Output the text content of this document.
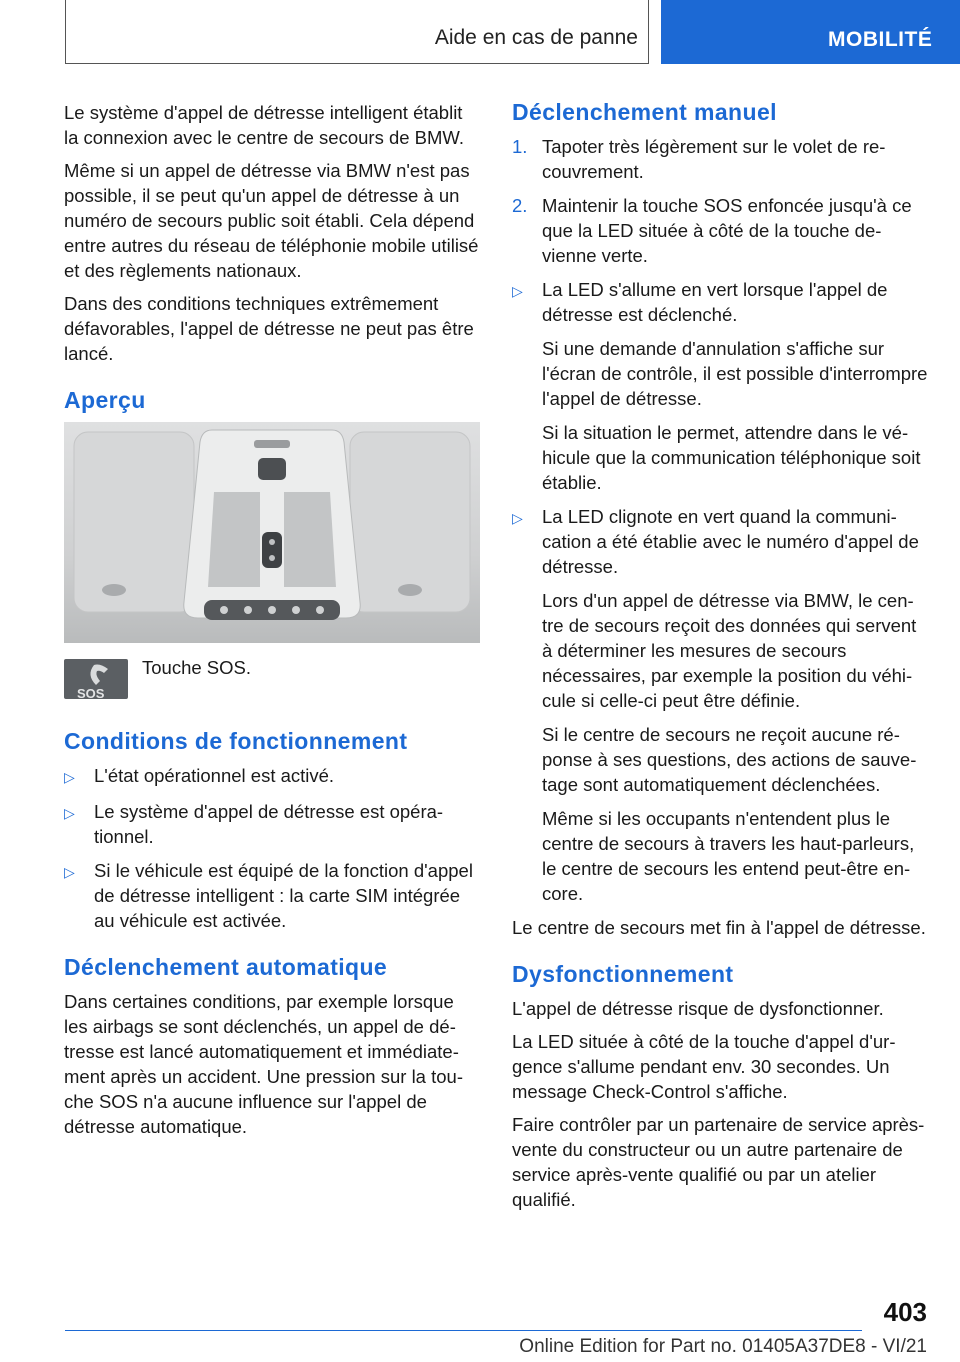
Aide en cas de panne	MOBILITÉ

Le système d'appel de détresse intelligent établit la connexion avec le centre de secours de BMW.

Même si un appel de détresse via BMW n'est pas possible, il se peut qu'un appel de détresse à un numéro de secours public soit établi. Cela dépend entre autres du réseau de téléphonie mobile utilisé et des règlements nationaux.

Dans des conditions techniques extrêmement défavorables, l'appel de détresse ne peut pas être lancé.

Aperçu
SOS
Touche SOS.
Conditions de fonctionnement
▷	L'état opérationnel est activé.
▷	Le système d'appel de détresse est opérationnel.
▷	Si le véhicule est équipé de la fonction d'appel de détresse intelligent : la carte SIM intégrée au véhicule est activée.
Déclenchement automatique

Dans certaines conditions, par exemple lorsque les airbags se sont déclenchés, un appel de détresse est lancé automatiquement et immédiatement après un accident. Une pression sur la touche SOS n'a aucune influence sur l'appel de détresse automatique.

Déclenchement manuel
1. Tapoter très légèrement sur le volet de recouvrement.
2. Maintenir la touche SOS enfoncée jusqu'à ce que la LED située à côté de la touche devienne verte.
▷	La LED s'allume en vert lorsque l'appel de détresse est déclenché.

Si une demande d'annulation s'affiche sur l'écran de contrôle, il est possible d'interrompre l'appel de détresse.

Si la situation le permet, attendre dans le véhicule que la communication téléphonique soit établie.

▷	La LED clignote en vert quand la communication a été établie avec le numéro d'appel de détresse.

Lors d'un appel de détresse via BMW, le centre de secours reçoit des données qui servent à déterminer les mesures de secours nécessaires, par exemple la position du véhicule si celle-ci peut être définie.

Si le centre de secours ne reçoit aucune réponse à ses questions, des actions de sauvetage sont automatiquement déclenchées.

Même si les occupants n'entendent plus le centre de secours à travers les haut-parleurs, le centre de secours les entend peut-être encore.

Le centre de secours met fin à l'appel de détresse.

Dysfonctionnement

L'appel de détresse risque de dysfonctionner.

La LED située à côté de la touche d'appel d'urgence s'allume pendant env. 30 secondes. Un message Check-Control s'affiche.

Faire contrôler par un partenaire de service après-vente du constructeur ou un autre partenaire de service après-vente qualifié ou par un atelier qualifié.

403
Online Edition for Part no. 01405A37DE8 - VI/21
